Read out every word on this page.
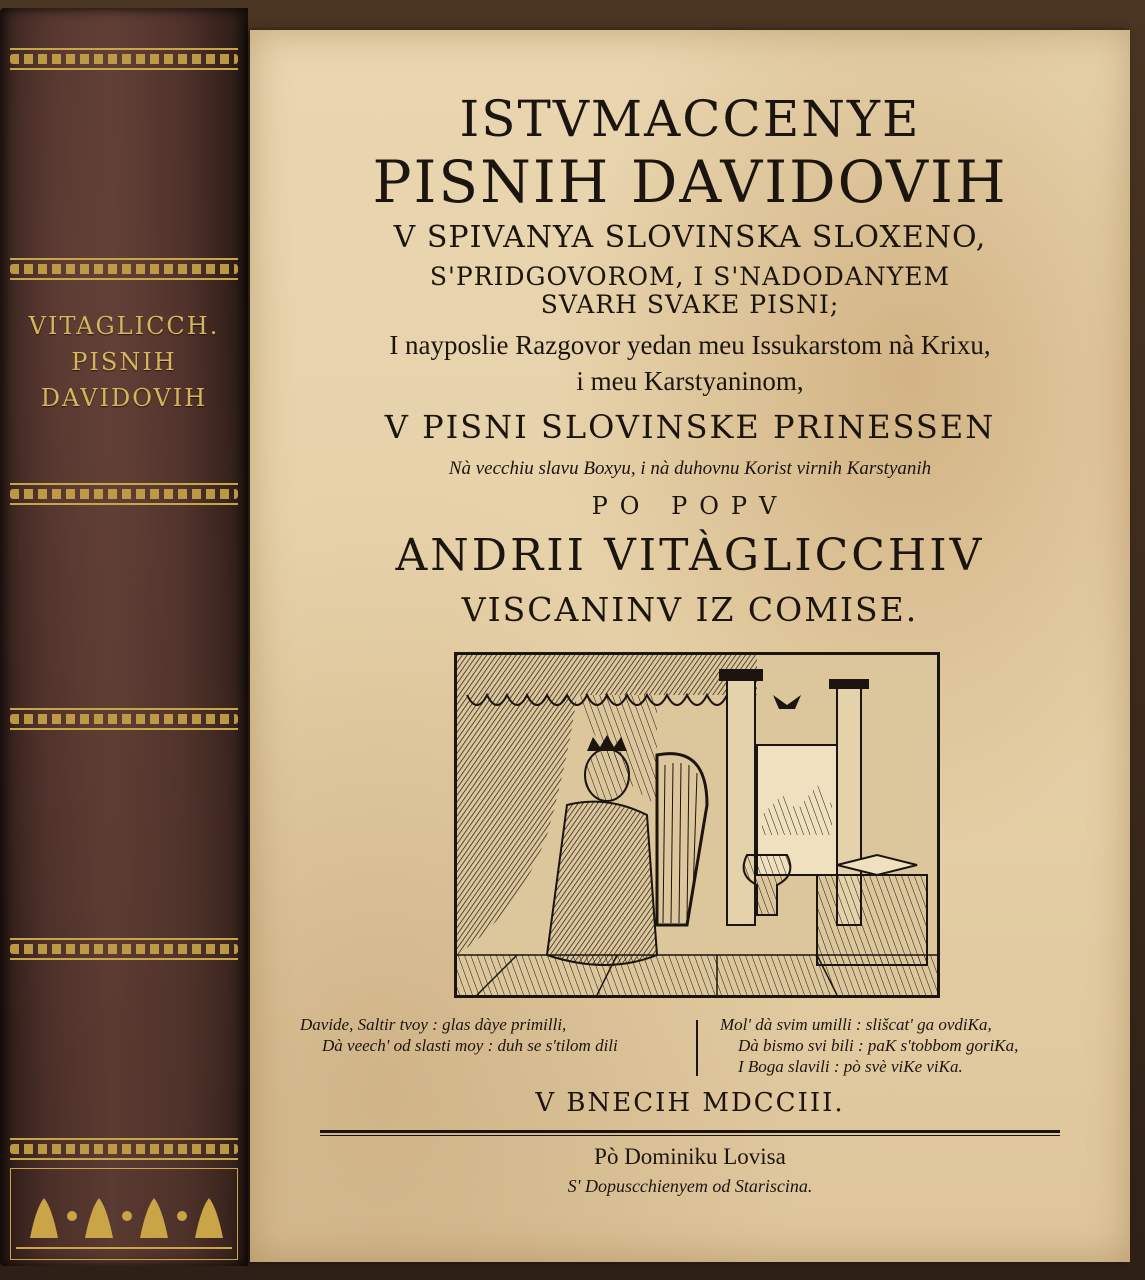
VITAGLICCH.
PISNIH
DAVIDOVIH
ISTVMACCENYE
PISNIH DAVIDOVIH
V SPIVANYA SLOVINSKA SLOXENO,
S'PRIDGOVOROM, I S'NADODANYEM
SVARH SVAKE PISNI;
I nayposlie Razgovor yedan meu Issukarstom nà Krixu,
i meu Karstyaninom,
V PISNI SLOVINSKE PRINESSEN
Nà vecchiu slavu Boxyu, i nà duhovnu Korist virnih Karstyanih
PO POPV
ANDRII VITÀGLICCHIV
VISCANINV IZ COMISE.
Davide, Saltir tvoy : glas dàye primilli,
Dà veech' od slasti moy : duh se s'tilom dili
Mol' dà svim umilli : slišcat' ga ovdiKa,
Dà bismo svi bili : paK s'tobbom goriKa,
I Boga slavili : pò svè viKe viKa.
V BNECIH MDCCIII.
Pò Dominiku Lovisa
S' Dopuscchienyem od Stariscina.
